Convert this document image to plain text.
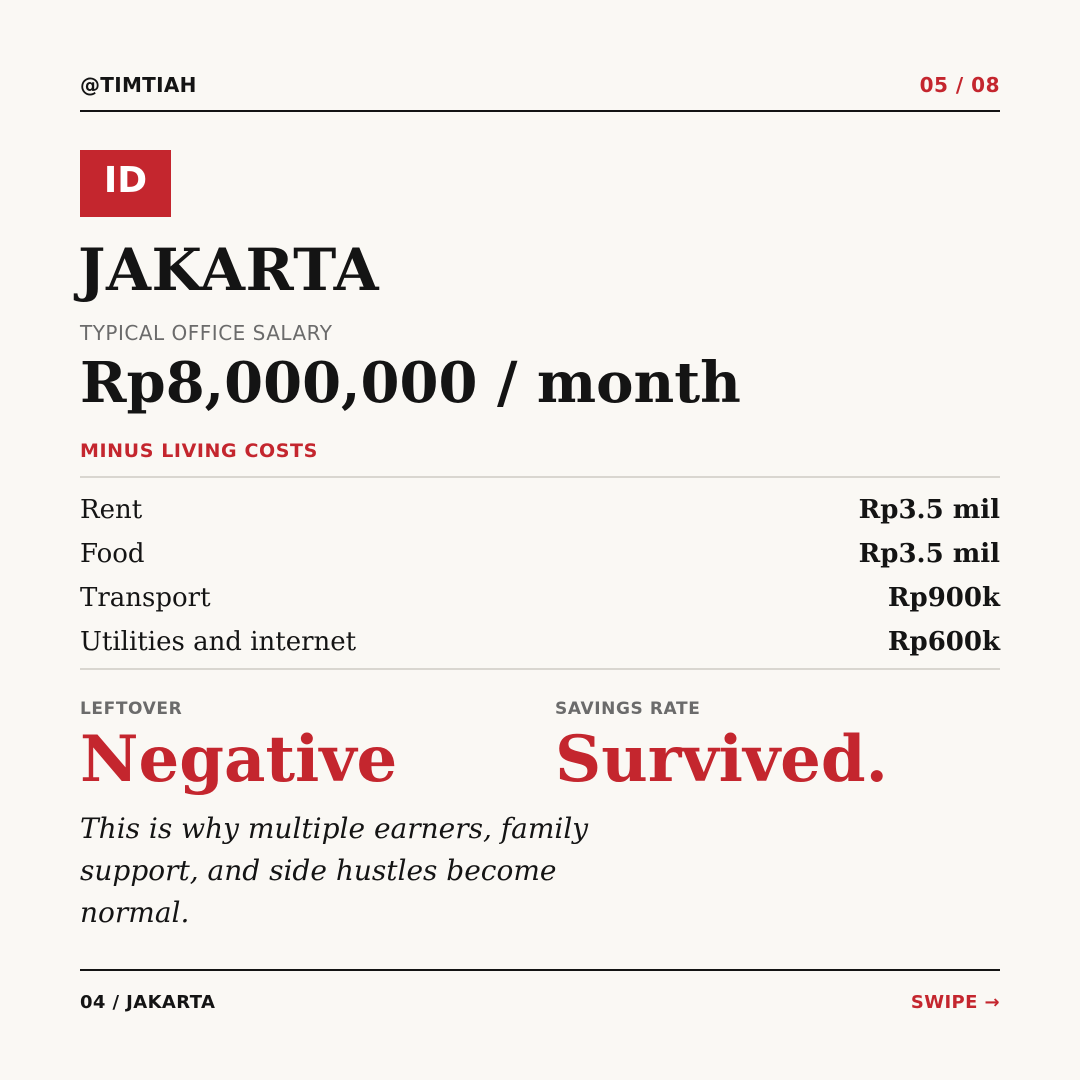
@TIMTIAH	05 / 08
ID
JAKARTA
TYPICAL OFFICE SALARY
Rp8,000,000 / month
MINUS LIVING COSTS
Rent	Rp3.5 mil
Food	Rp3.5 mil
Transport	Rp900k
Utilities and internet	Rp600k
LEFTOVER	SAVINGS RATE
Negative Survived.
This is why multiple earners, family support, and side hustles become normal.
04 / JAKARTA	SWIPE →
